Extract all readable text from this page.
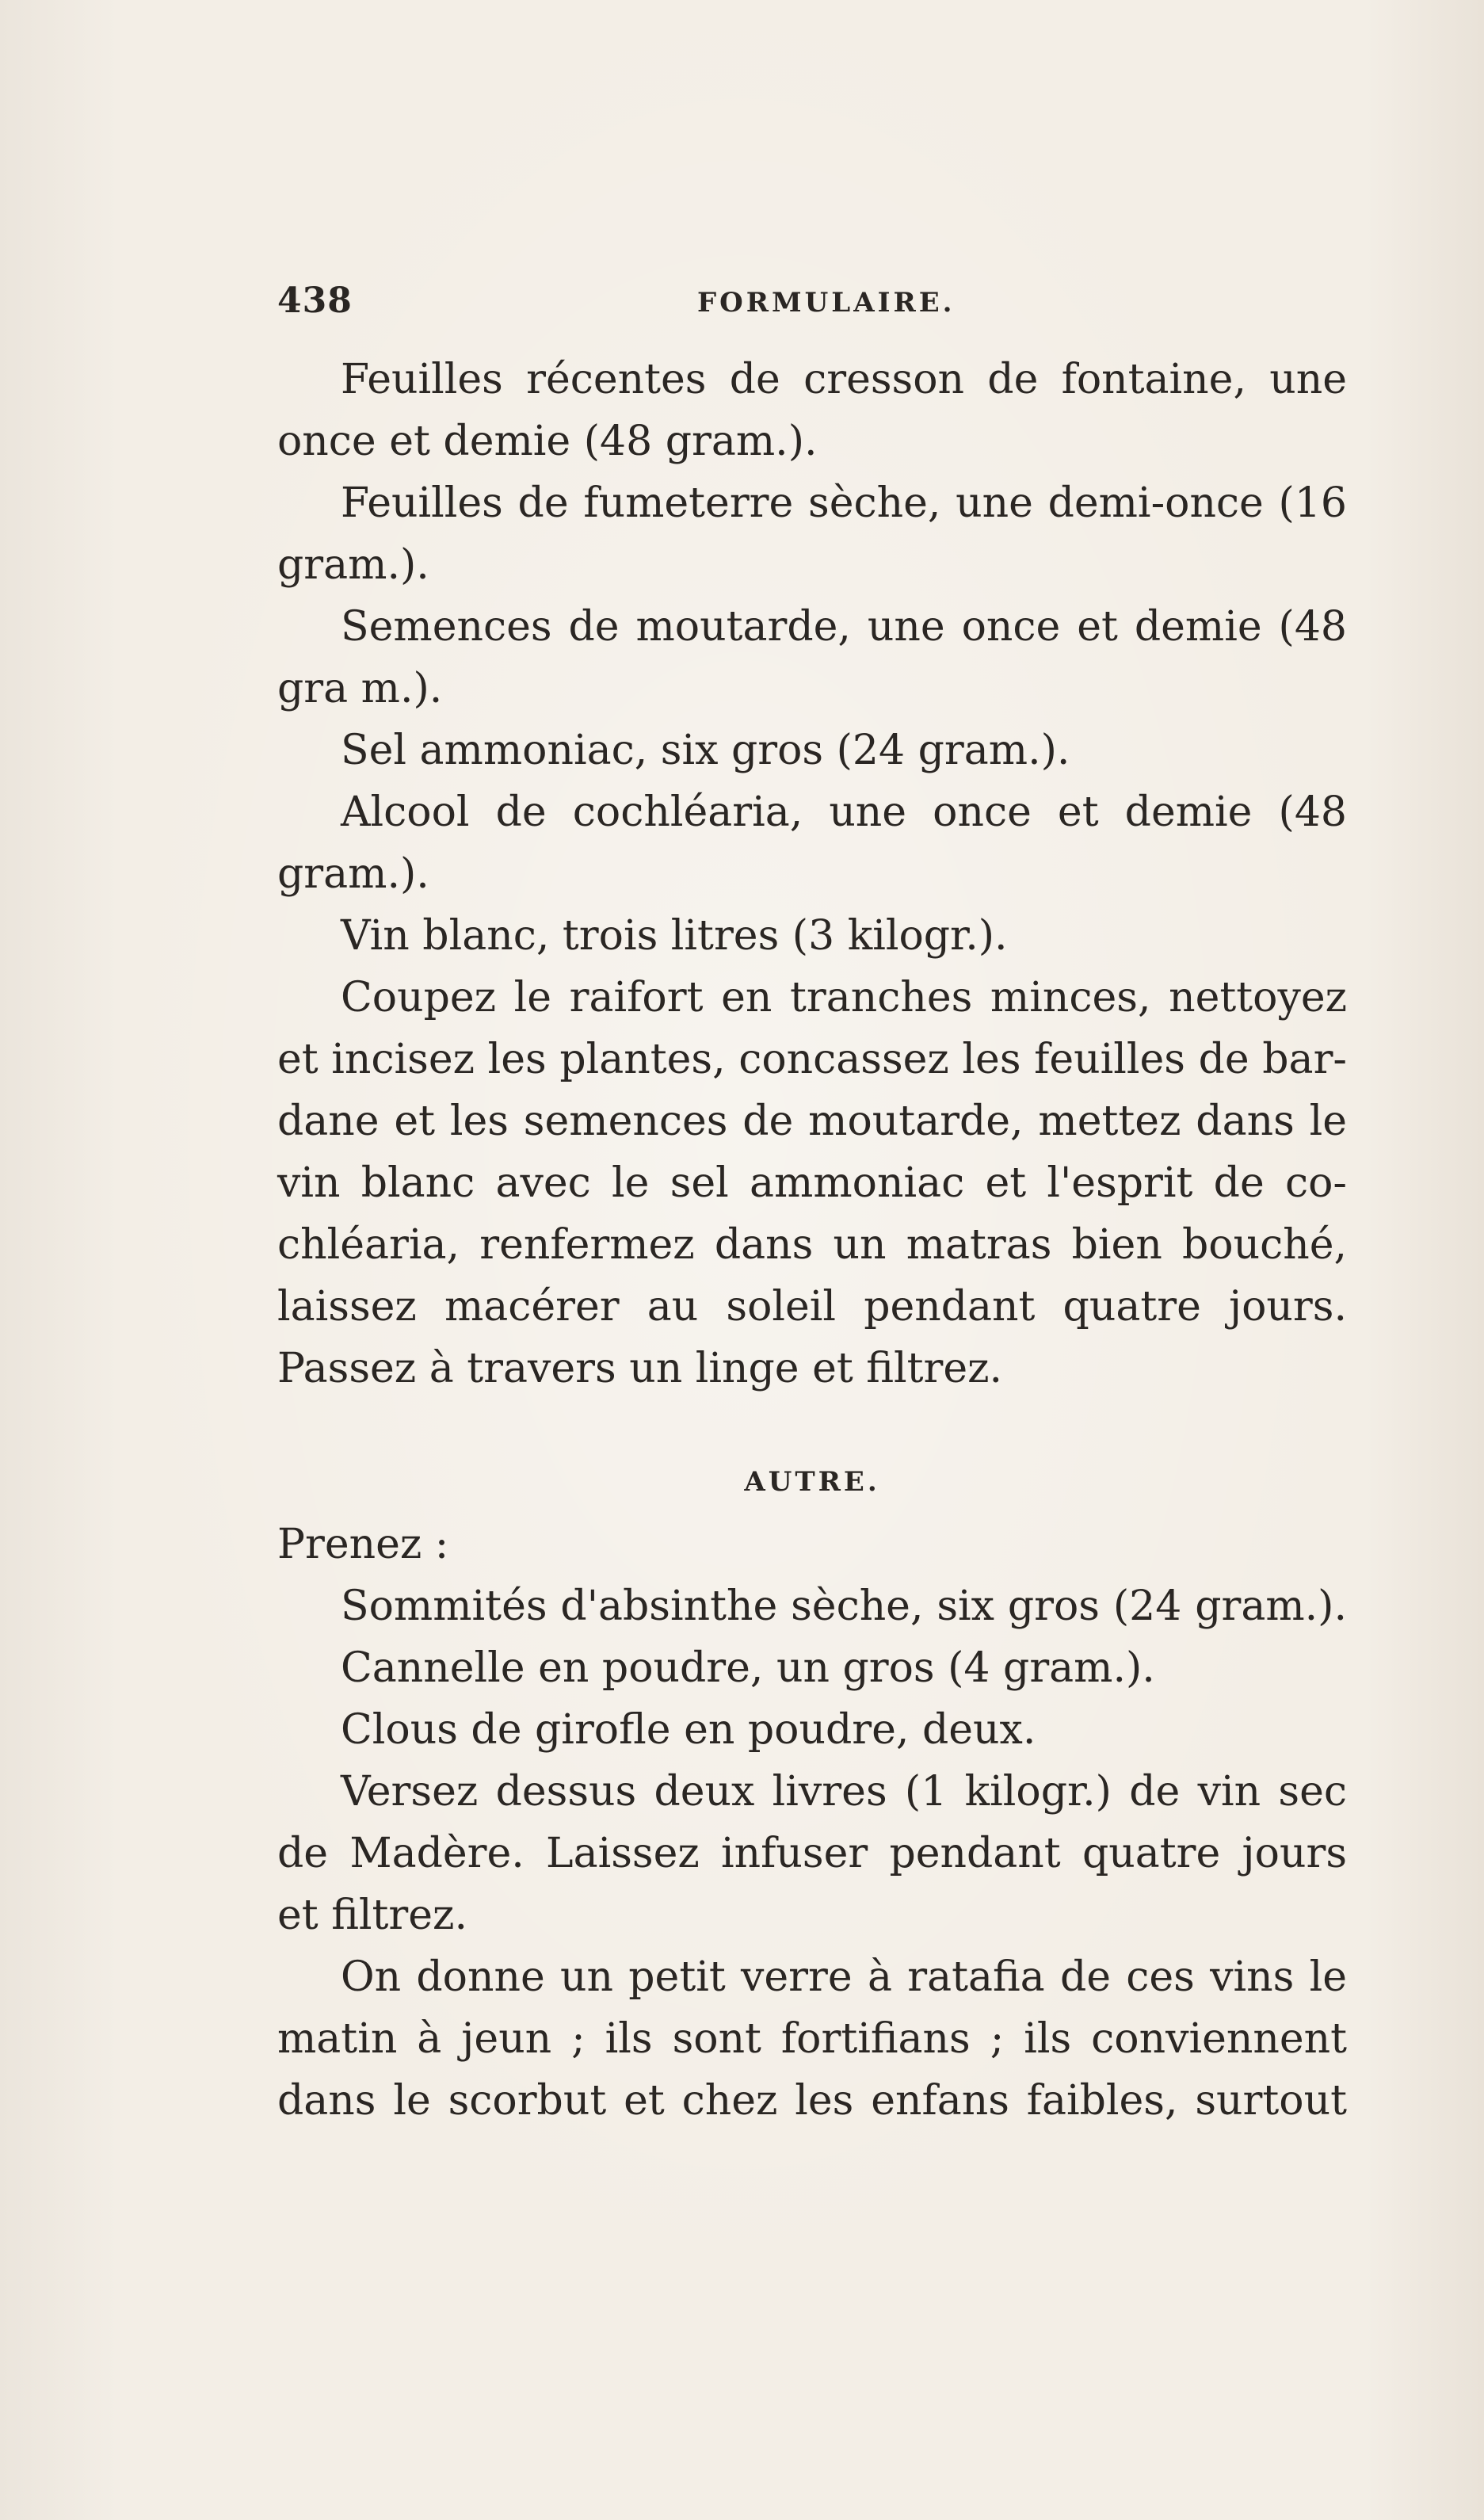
438	FORMULAIRE.
Feuilles récentes de cresson de fontaine, une
once et demie (48 gram.).
Feuilles de fumeterre sèche, une demi-once (16
gram.).
Semences de moutarde, une once et demie (48
gra m.).
Sel ammoniac, six gros (24 gram.).
Alcool de cochléaria, une once et demie (48
gram.).
Vin blanc, trois litres (3 kilogr.).
Coupez le raifort en tranches minces, nettoyez
et incisez les plantes, concassez les feuilles de bar-
dane et les semences de moutarde, mettez dans le
vin blanc avec le sel ammoniac et l'esprit de co-
chléaria, renfermez dans un matras bien bouché,
laissez macérer au soleil pendant quatre jours.
Passez à travers un linge et filtrez.
AUTRE.
Prenez :
Sommités d'absinthe sèche, six gros (24 gram.).
Cannelle en poudre, un gros (4 gram.).
Clous de girofle en poudre, deux.
Versez dessus deux livres (1 kilogr.) de vin sec
de Madère. Laissez infuser pendant quatre jours
et filtrez.
On donne un petit verre à ratafia de ces vins le
matin à jeun ; ils sont fortifians ; ils conviennent
dans le scorbut et chez les enfans faibles, surtout
